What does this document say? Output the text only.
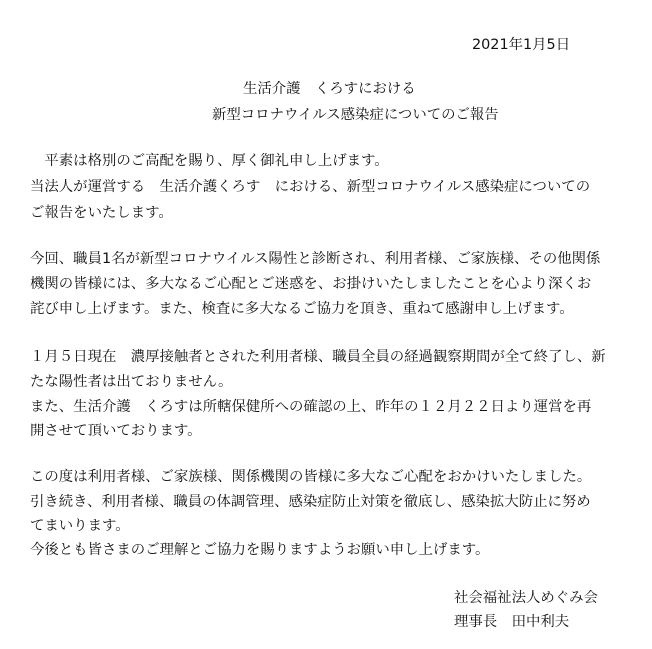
2021年1月5日
生活介護　くろすにおける
新型コロナウイルス感染症についてのご報告
　平素は格別のご高配を賜り、厚く御礼申し上げます。
当法人が運営する　生活介護くろす　における、新型コロナウイルス感染症についての
ご報告をいたします。
今回、職員1名が新型コロナウイルス陽性と診断され、利用者様、ご家族様、その他関係
機関の皆様には、多大なるご心配とご迷惑を、お掛けいたしましたことを心より深くお
詫び申し上げます。また、検査に多大なるご協力を頂き、重ねて感謝申し上げます。
１月５日現在　濃厚接触者とされた利用者様、職員全員の経過観察期間が全て終了し、新
たな陽性者は出ておりません。
また、生活介護　くろすは所轄保健所への確認の上、昨年の１２月２２日より運営を再
開させて頂いております。
この度は利用者様、ご家族様、関係機関の皆様に多大なご心配をおかけいたしました。
引き続き、利用者様、職員の体調管理、感染症防止対策を徹底し、感染拡大防止に努め
てまいります。
今後とも皆さまのご理解とご協力を賜りますようお願い申し上げます。
社会福祉法人めぐみ会
理事長　田中利夫
